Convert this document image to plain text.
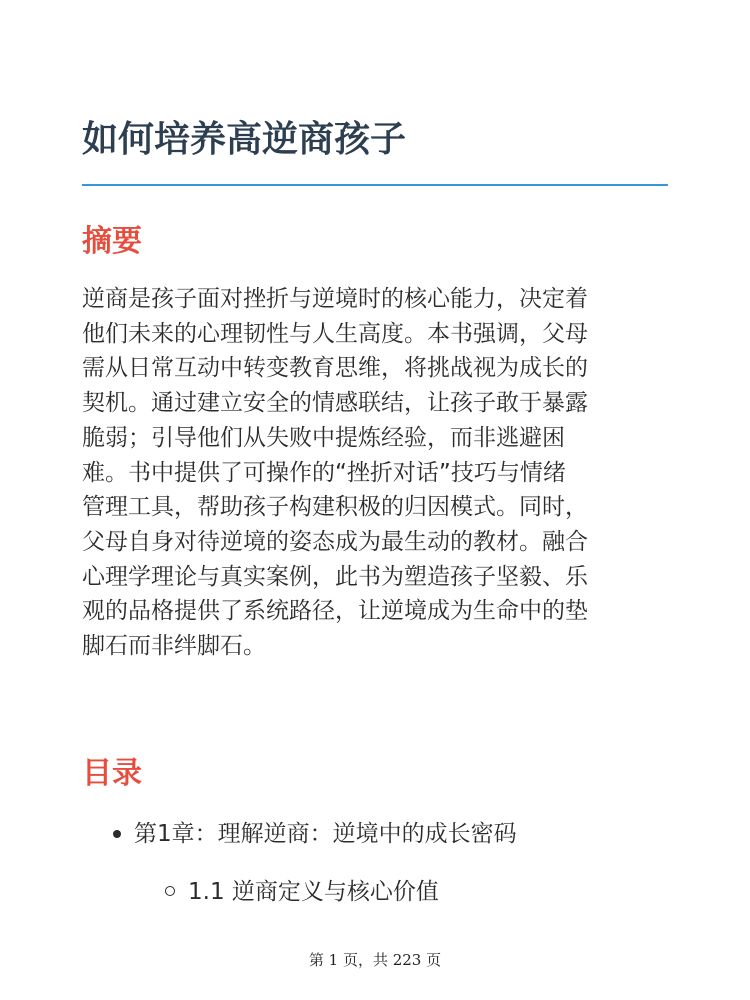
如何培养高逆商孩子
摘要

逆商是孩子面对挫折与逆境时的核心能力，决定着
他们未来的心理韧性与人生高度。本书强调，父母
需从日常互动中转变教育思维，将挑战视为成长的
契机。通过建立安全的情感联结，让孩子敢于暴露
脆弱；引导他们从失败中提炼经验，而非逃避困
难。书中提供了可操作的“挫折对话”技巧与情绪
管理工具，帮助孩子构建积极的归因模式。同时，
父母自身对待逆境的姿态成为最生动的教材。融合
心理学理论与真实案例，此书为塑造孩子坚毅、乐
观的品格提供了系统路径，让逆境成为生命中的垫
脚石而非绊脚石。

目录
第1章：理解逆商：逆境中的成长密码
1.1 逆商定义与核心价值
第 1 页，共 223 页
